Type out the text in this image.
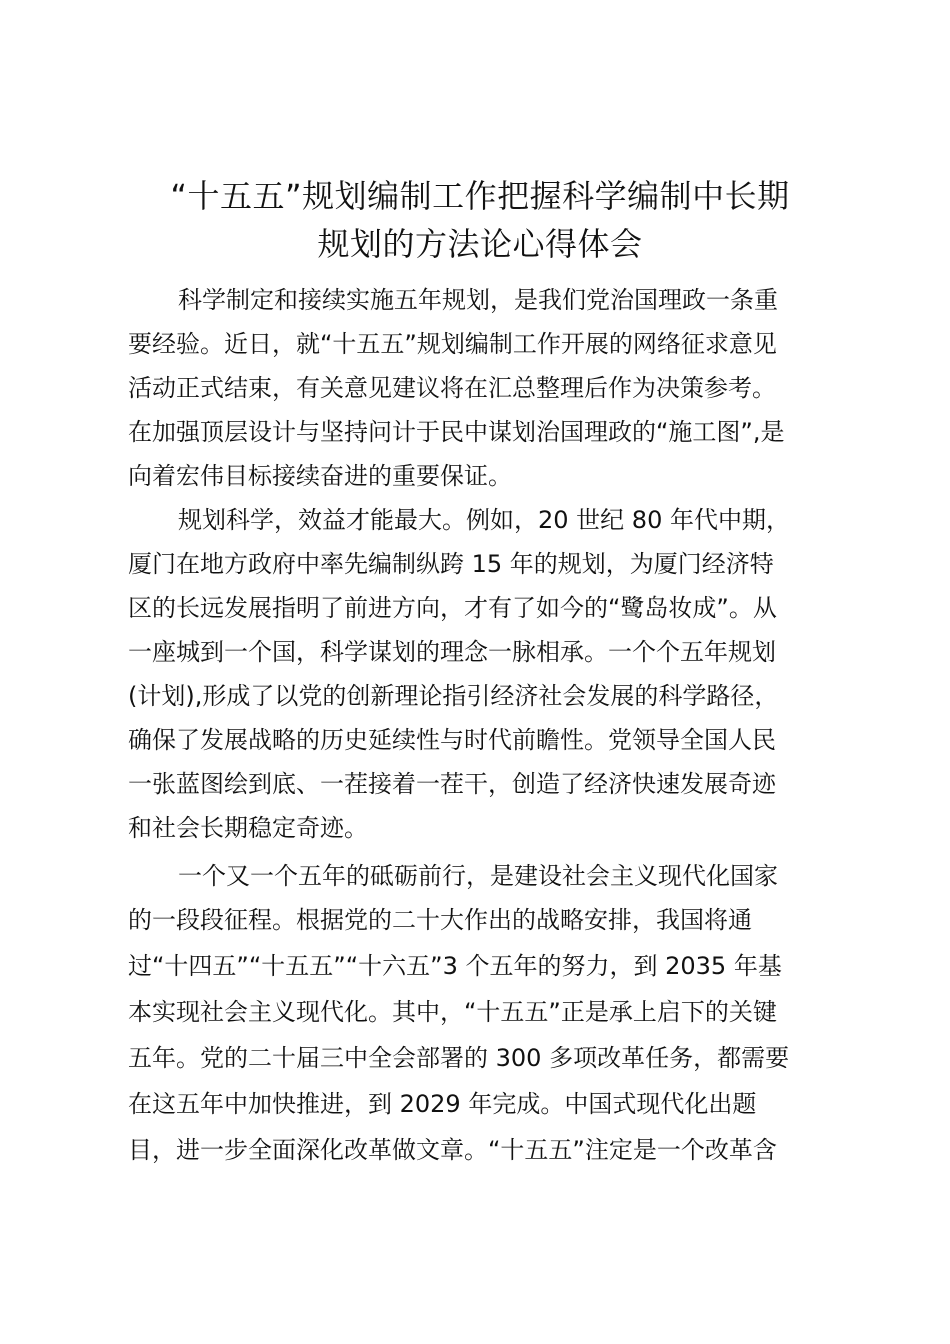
“十五五”规划编制工作把握科学编制中长期
规划的方法论心得体会

科学制定和接续实施五年规划，是我们党治国理政一条重

要经验。近日，就“十五五”规划编制工作开展的网络征求意见

活动正式结束，有关意见建议将在汇总整理后作为决策参考。

在加强顶层设计与坚持问计于民中谋划治国理政的“施工图”,是

向着宏伟目标接续奋进的重要保证。

规划科学，效益才能最大。例如，20 世纪 80 年代中期，

厦门在地方政府中率先编制纵跨 15 年的规划，为厦门经济特

区的长远发展指明了前进方向，才有了如今的“鹭岛妆成”。从

一座城到一个国，科学谋划的理念一脉相承。一个个五年规划

(计划),形成了以党的创新理论指引经济社会发展的科学路径，

确保了发展战略的历史延续性与时代前瞻性。党领导全国人民

一张蓝图绘到底、一茬接着一茬干，创造了经济快速发展奇迹

和社会长期稳定奇迹。

一个又一个五年的砥砺前行，是建设社会主义现代化国家

的一段段征程。根据党的二十大作出的战略安排，我国将通

过“十四五”“十五五”“十六五”3 个五年的努力，到 2035 年基

本实现社会主义现代化。其中，“十五五”正是承上启下的关键

五年。党的二十届三中全会部署的 300 多项改革任务，都需要

在这五年中加快推进，到 2029 年完成。中国式现代化出题

目，进一步全面深化改革做文章。“十五五”注定是一个改革含
